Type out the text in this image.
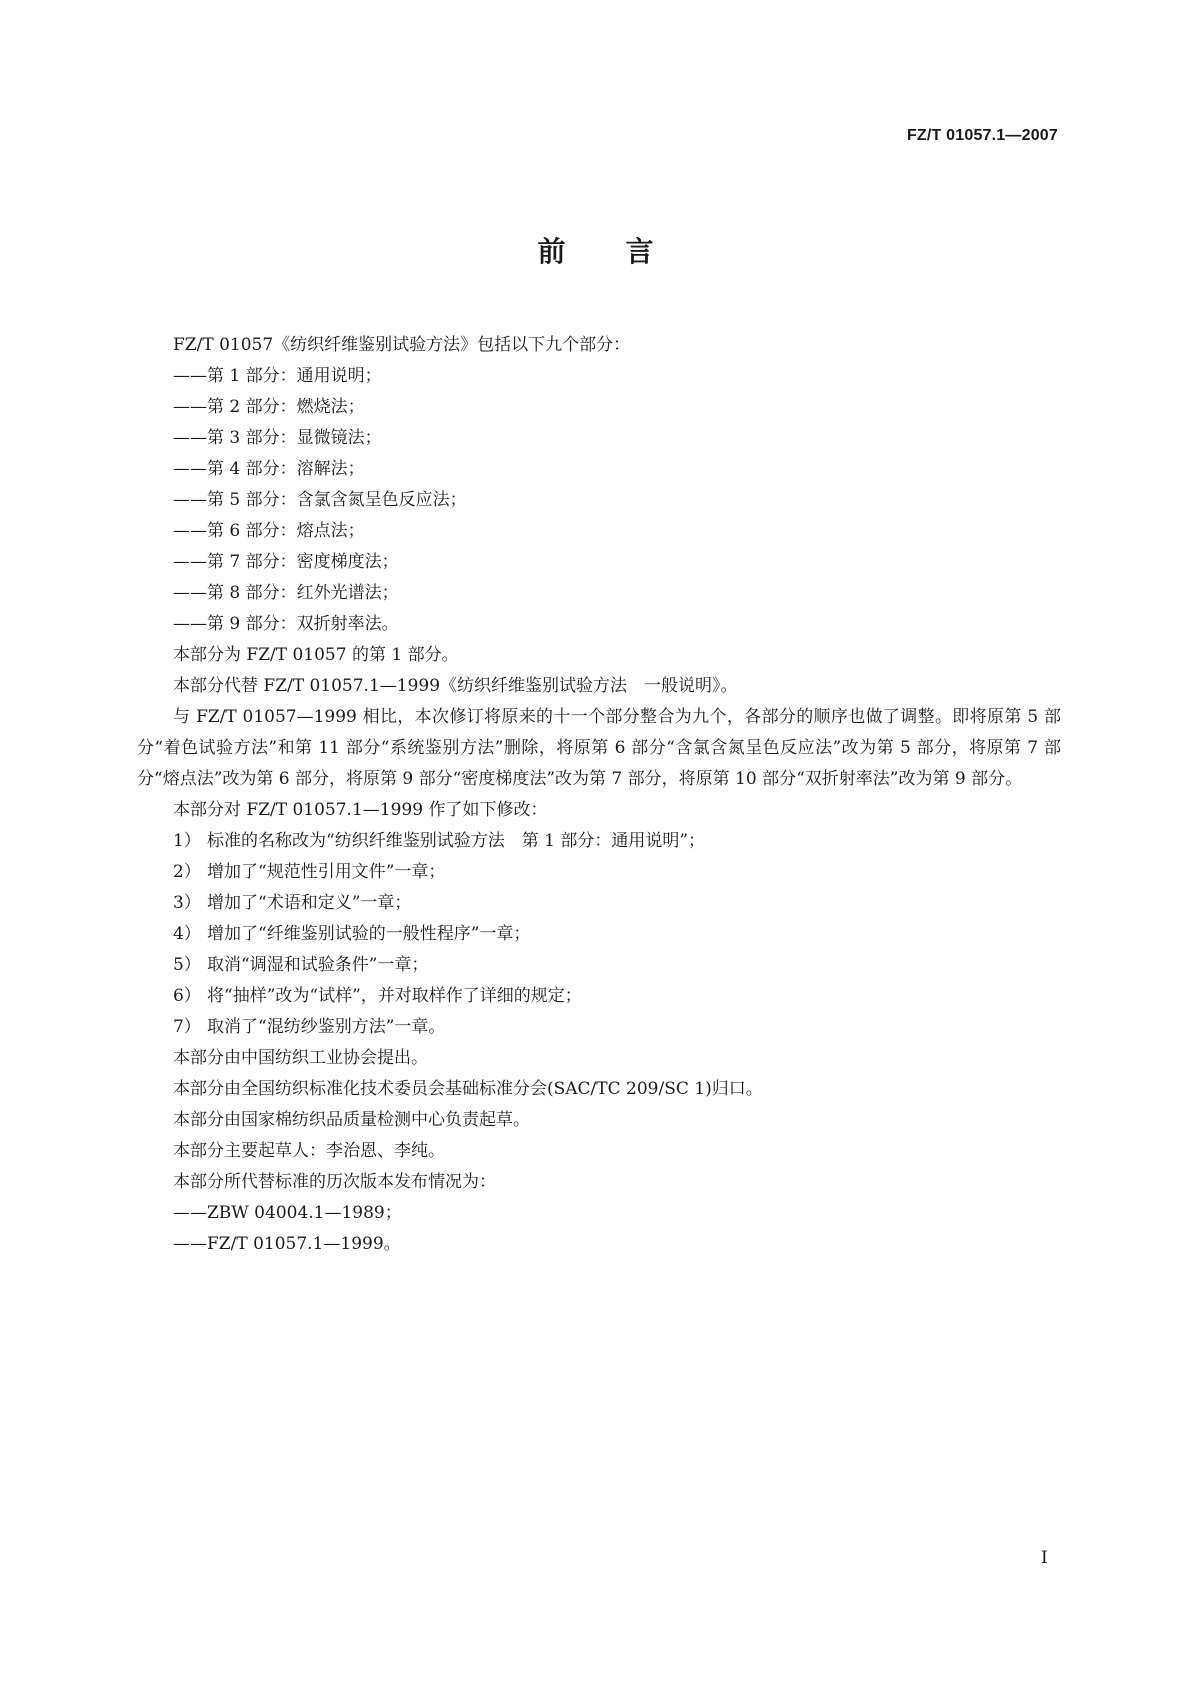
FZ/T 01057.1—2007
前言

FZ/T 01057《纺织纤维鉴别试验方法》包括以下九个部分：

——第 1 部分：通用说明；

——第 2 部分：燃烧法；

——第 3 部分：显微镜法；

——第 4 部分：溶解法；

——第 5 部分：含氯含氮呈色反应法；

——第 6 部分：熔点法；

——第 7 部分：密度梯度法；

——第 8 部分：红外光谱法；

——第 9 部分：双折射率法。

本部分为 FZ/T 01057 的第 1 部分。

本部分代替 FZ/T 01057.1—1999《纺织纤维鉴别试验方法　一般说明》。

与 FZ/T 01057—1999 相比，本次修订将原来的十一个部分整合为九个，各部分的顺序也做了调整。即将原第 5 部分“着色试验方法”和第 11 部分“系统鉴别方法”删除，将原第 6 部分“含氯含氮呈色反应法”改为第 5 部分，将原第 7 部分“熔点法”改为第 6 部分，将原第 9 部分“密度梯度法”改为第 7 部分，将原第 10 部分“双折射率法”改为第 9 部分。

本部分对 FZ/T 01057.1—1999 作了如下修改：

1） 标准的名称改为“纺织纤维鉴别试验方法　第 1 部分：通用说明”；

2） 增加了“规范性引用文件”一章；

3） 增加了“术语和定义”一章；

4） 增加了“纤维鉴别试验的一般性程序”一章；

5） 取消“调湿和试验条件”一章；

6） 将“抽样”改为“试样”，并对取样作了详细的规定；

7） 取消了“混纺纱鉴别方法”一章。

本部分由中国纺织工业协会提出。

本部分由全国纺织标准化技术委员会基础标准分会(SAC/TC 209/SC 1)归口。

本部分由国家棉纺织品质量检测中心负责起草。

本部分主要起草人：李治恩、李纯。

本部分所代替标准的历次版本发布情况为：

——ZBW 04004.1—1989；

——FZ/T 01057.1—1999。

I
